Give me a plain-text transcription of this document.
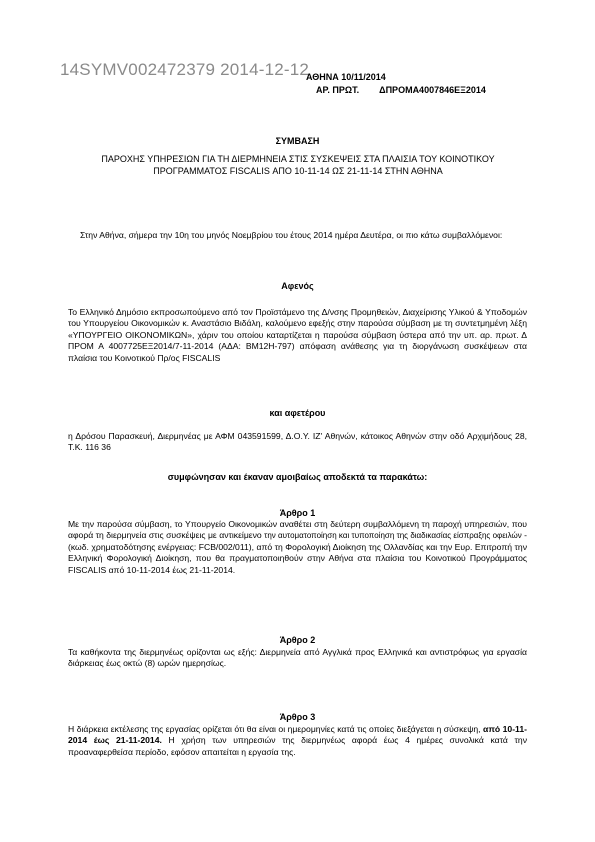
14SYMV002472379 2014-12-12
ΑΘΗΝΑ 10/11/2014
ΑΡ. ΠΡΩΤ. ΔΠΡΟΜΑ4007846ΕΞ2014
ΣΥΜΒΑΣΗ
ΠΑΡΟΧΗΣ ΥΠΗΡΕΣΙΩΝ ΓΙΑ ΤΗ ΔΙΕΡΜΗΝΕΙΑ ΣΤΙΣ ΣΥΣΚΕΨΕΙΣ ΣΤΑ ΠΛΑΙΣΙΑ ΤΟΥ ΚΟΙΝΟΤΙΚΟΥ
ΠΡΟΓΡΑΜΜΑΤΟΣ FISCALIS ΑΠΟ 10-11-14 ΩΣ 21-11-14 ΣΤΗΝ ΑΘΗΝΑ
Στην Αθήνα, σήμερα την 10η του μηνός Νοεμβρίου του έτους 2014 ημέρα Δευτέρα, οι πιο κάτω συμβαλλόμενοι:
Αφενός
Το Ελληνικό Δημόσιο εκπροσωπούμενο από τον Προϊστάμενο της Δ/νσης Προμηθειών, Διαχείρισης Υλικού & Υποδομών του Υπουργείου Οικονομικών κ. Αναστάσιο Βιδάλη, καλούμενο εφεξής στην παρούσα σύμβαση με τη συντετμημένη λέξη «ΥΠΟΥΡΓΕΙΟ ΟΙΚΟΝΟΜΙΚΩΝ», χάριν του οποίου καταρτίζεται η παρούσα σύμβαση ύστερα από την υπ. αρ. πρωτ. Δ ΠΡΟΜ Α 4007725ΕΞ2014/7-11-2014 (ΑΔΑ: ΒΜ12Η-797) απόφαση ανάθεσης για τη διοργάνωση συσκέψεων στα πλαίσια του Κοινοτικού Πρ/ος FISCALIS
και αφετέρου
η Δρόσου Παρασκευή, Διερμηνέας με ΑΦΜ 043591599, Δ.Ο.Υ. ΙΖ' Αθηνών, κάτοικος Αθηνών στην οδό Αρχιμήδους 28, Τ.Κ. 116 36
συμφώνησαν και έκαναν αμοιβαίως αποδεκτά τα παρακάτω:
Άρθρο 1
Με την παρούσα σύμβαση, το Υπουργείο Οικονομικών αναθέτει στη δεύτερη συμβαλλόμενη τη παροχή υπηρεσιών, που αφορά τη διερμηνεία στις συσκέψεις με αντικείμενο την αυτοματοποίηση και τυποποίηση της διαδικασίας είσπραξης οφειλών - (κωδ. χρηματοδότησης ενέργειας: FCB/002/011), από τη Φορολογική Διοίκηση της Ολλανδίας και την Ευρ. Επιτροπή την Ελληνική Φορολογική Διοίκηση, που θα πραγματοποιηθούν στην Αθήνα στα πλαίσια του Κοινοτικού Προγράμματος FISCALIS από 10-11-2014 έως 21-11-2014.
Άρθρο 2
Τα καθήκοντα της διερμηνέως ορίζονται ως εξής: Διερμηνεία από Αγγλικά προς Ελληνικά και αντιστρόφως για εργασία διάρκειας έως οκτώ (8) ωρών ημερησίως.
Άρθρο 3
Η διάρκεια εκτέλεσης της εργασίας ορίζεται ότι θα είναι οι ημερομηνίες κατά τις οποίες διεξάγεται η σύσκεψη, από 10-11-2014 έως 21-11-2014. Η χρήση των υπηρεσιών της διερμηνέως αφορά έως 4 ημέρες συνολικά κατά την προαναφερθείσα περίοδο, εφόσον απαιτείται η εργασία της.
